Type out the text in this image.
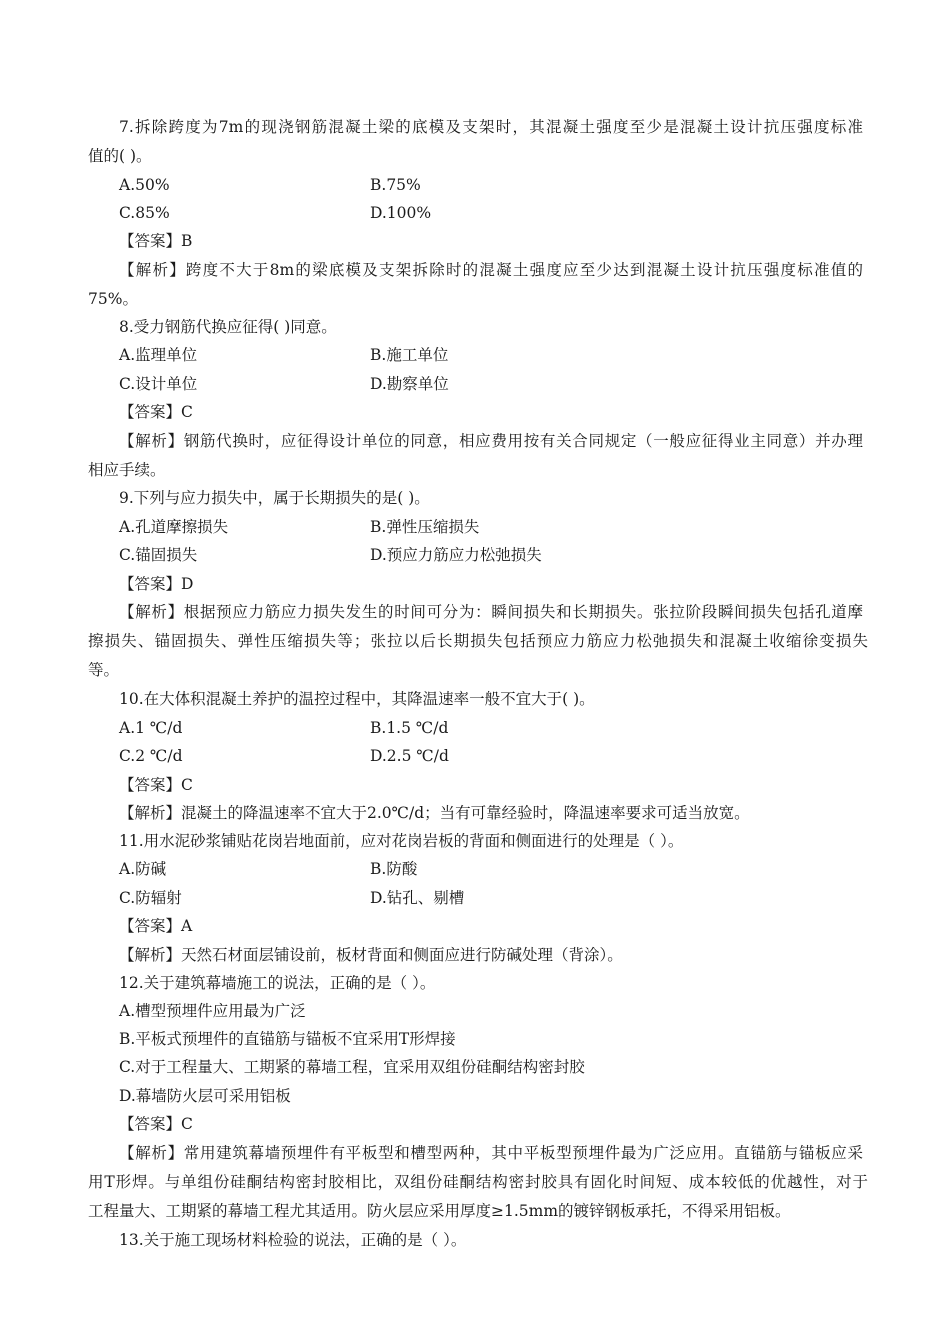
7.拆除跨度为7m的现浇钢筋混凝土梁的底模及支架时，其混凝土强度至少是混凝土设计抗压强度标准
值的( )。
A.50%	B.75%
C.85%	D.100%
【答案】B
【解析】跨度不大于8m的梁底模及支架拆除时的混凝土强度应至少达到混凝土设计抗压强度标准值的
75%。
8.受力钢筋代换应征得( )同意。
A.监理单位	B.施工单位
C.设计单位	D.勘察单位
【答案】C
【解析】钢筋代换时，应征得设计单位的同意，相应费用按有关合同规定（一般应征得业主同意）并办理
相应手续。
9.下列与应力损失中，属于长期损失的是( )。
A.孔道摩擦损失	B.弹性压缩损失
C.锚固损失	D.预应力筋应力松弛损失
【答案】D
【解析】根据预应力筋应力损失发生的时间可分为：瞬间损失和长期损失。张拉阶段瞬间损失包括孔道摩
擦损失、锚固损失、弹性压缩损失等；张拉以后长期损失包括预应力筋应力松弛损失和混凝土收缩徐变损失
等。
10.在大体积混凝土养护的温控过程中，其降温速率一般不宜大于( )。
A.1 ℃/d	B.1.5 ℃/d
C.2 ℃/d	D.2.5 ℃/d
【答案】C
【解析】混凝土的降温速率不宜大于2.0℃/d；当有可靠经验时，降温速率要求可适当放宽。
11.用水泥砂浆铺贴花岗岩地面前，应对花岗岩板的背面和侧面进行的处理是（ ）。
A.防碱	B.防酸
C.防辐射	D.钻孔、剔槽
【答案】A
【解析】天然石材面层铺设前，板材背面和侧面应进行防碱处理（背涂）。
12.关于建筑幕墙施工的说法，正确的是（ ）。
A.槽型预埋件应用最为广泛
B.平板式预埋件的直锚筋与锚板不宜采用T形焊接
C.对于工程量大、工期紧的幕墙工程，宜采用双组份硅酮结构密封胶
D.幕墙防火层可采用铝板
【答案】C
【解析】常用建筑幕墙预埋件有平板型和槽型两种，其中平板型预埋件最为广泛应用。直锚筋与锚板应采
用T形焊。与单组份硅酮结构密封胶相比，双组份硅酮结构密封胶具有固化时间短、成本较低的优越性，对于
工程量大、工期紧的幕墙工程尤其适用。防火层应采用厚度≥1.5mm的镀锌钢板承托，不得采用铝板。
13.关于施工现场材料检验的说法，正确的是（ ）。
